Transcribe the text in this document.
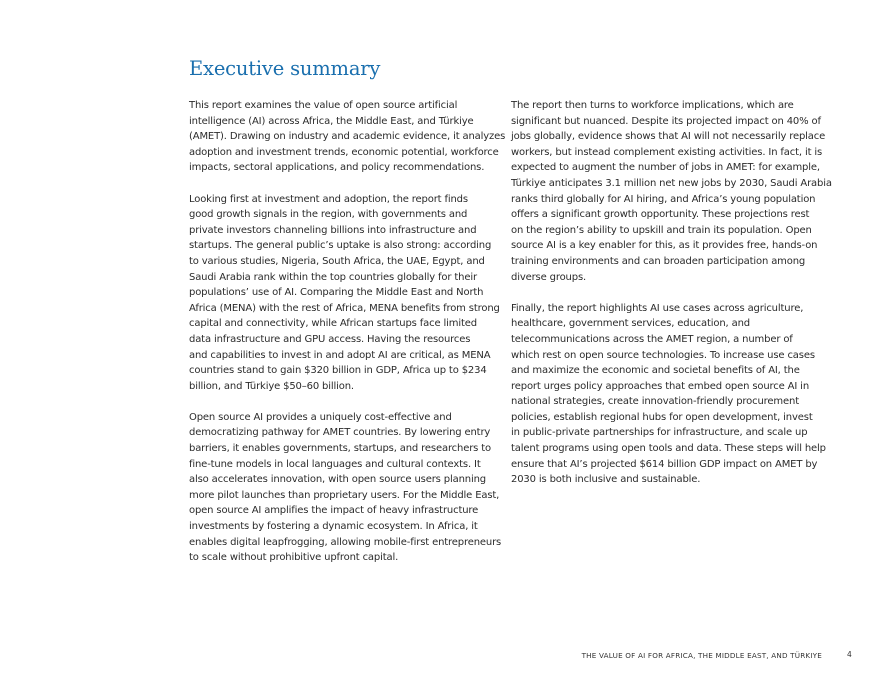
Executive summary
This report examines the value of open source artificial
intelligence (AI) across Africa, the Middle East, and Türkiye
(AMET). Drawing on industry and academic evidence, it analyzes
adoption and investment trends, economic potential, workforce
impacts, sectoral applications, and policy recommendations.
Looking first at investment and adoption, the report finds
good growth signals in the region, with governments and
private investors channeling billions into infrastructure and
startups. The general public’s uptake is also strong: according
to various studies, Nigeria, South Africa, the UAE, Egypt, and
Saudi Arabia rank within the top countries globally for their
populations’ use of AI. Comparing the Middle East and North
Africa (MENA) with the rest of Africa, MENA benefits from strong
capital and connectivity, while African startups face limited
data infrastructure and GPU access. Having the resources
and capabilities to invest in and adopt AI are critical, as MENA
countries stand to gain $320 billion in GDP, Africa up to $234
billion, and Türkiye $50–60 billion.
Open source AI provides a uniquely cost-effective and
democratizing pathway for AMET countries. By lowering entry
barriers, it enables governments, startups, and researchers to
fine-tune models in local languages and cultural contexts. It
also accelerates innovation, with open source users planning
more pilot launches than proprietary users. For the Middle East,
open source AI amplifies the impact of heavy infrastructure
investments by fostering a dynamic ecosystem. In Africa, it
enables digital leapfrogging, allowing mobile-first entrepreneurs
to scale without prohibitive upfront capital.
The report then turns to workforce implications, which are
significant but nuanced. Despite its projected impact on 40% of
jobs globally, evidence shows that AI will not necessarily replace
workers, but instead complement existing activities. In fact, it is
expected to augment the number of jobs in AMET: for example,
Türkiye anticipates 3.1 million net new jobs by 2030, Saudi Arabia
ranks third globally for AI hiring, and Africa’s young population
offers a significant growth opportunity. These projections rest
on the region’s ability to upskill and train its population. Open
source AI is a key enabler for this, as it provides free, hands-on
training environments and can broaden participation among
diverse groups.
Finally, the report highlights AI use cases across agriculture,
healthcare, government services, education, and
telecommunications across the AMET region, a number of
which rest on open source technologies. To increase use cases
and maximize the economic and societal benefits of AI, the
report urges policy approaches that embed open source AI in
national strategies, create innovation-friendly procurement
policies, establish regional hubs for open development, invest
in public-private partnerships for infrastructure, and scale up
talent programs using open tools and data. These steps will help
ensure that AI’s projected $614 billion GDP impact on AMET by
2030 is both inclusive and sustainable.
THE VALUE OF AI FOR AFRICA, THE MIDDLE EAST, AND TÜRKIYE	4
